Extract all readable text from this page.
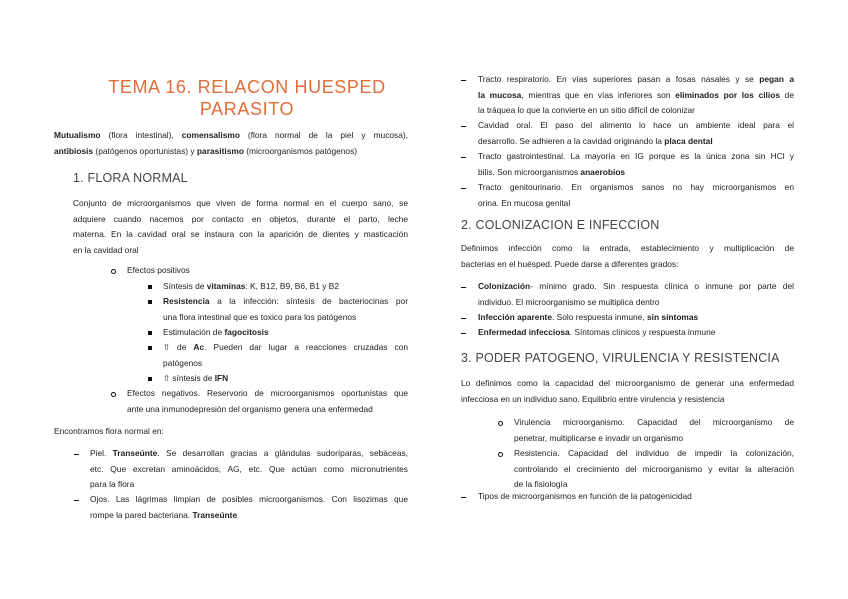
TEMA 16. RELACON HUESPED
PARASITO
Mutualismo (flora intestinal), comensalismo (flora normal de la piel y mucosa),
antibiosis (patógenos oportunistas) y parasitismo (microorganismos patógenos)
1. FLORA NORMAL
Conjunto de microorganismos que viven de forma normal en el cuerpo sano, se
adquiere cuando nacemos por contacto en objetos, durante el parto, leche
materna. En la cavidad oral se instaura con la aparición de dientes y masticación
en la cavidad oral
Efectos positivos
Síntesis de vitaminas: K, B12, B9, B6, B1 y B2
Resistencia a la infección: síntesis de bacteriocinas por
una flora intestinal que es toxico para los patógenos
Estimulación de fagocitosis
⇧ de Ac. Pueden dar lugar a reacciones cruzadas con
patógenos
⇧ síntesis de IFN
Efectos negativos. Reservorio de microorganismos oportunistas que
ante una inmunodepresión del organismo genera una enfermedad
Encontramos flora normal en:
Piel. Transeúnte. Se desarrollan gracias a glándulas sudoríparas, sebáceas,
etc. Que excretan aminoácidos, AG, etc. Que actúan como micronutrientes
para la flora
Ojos. Las lágrimas limpian de posibles microorganismos. Con lisozimas que
rompe la pared bacteriana. Transeúnte
Tracto respiratorio. En vías superiores pasan a fosas nasales y se pegan a
la mucosa, mientras que en vías inferiores son eliminados por los cilios de
la tráquea lo que la convierte en un sitio difícil de colonizar
Cavidad oral. El paso del alimento lo hace un ambiente ideal para el
desarrollo. Se adhieren a la cavidad originando la placa dental
Tracto gastrointestinal. La mayoría en IG porque es la única zona sin HCl y
bilis. Son microorganismos anaerobios
Tracto genitourinario. En organismos sanos no hay microorganismos en
orina. En mucosa genital
2. COLONIZACION E INFECCION
Definimos infección como la entrada, establecimiento y multiplicación de
bacterias en el huésped. Puede darse a diferentes grados:
Colonización- mínimo grado. Sin respuesta clínica o inmune por parte del
individuo. El microorganismo se multiplica dentro
Infección aparente. Solo respuesta inmune, sin síntomas
Enfermedad infecciosa. Síntomas clínicos y respuesta inmune
3. PODER PATOGENO, VIRULENCIA Y RESISTENCIA
Lo definimos como la capacidad del microorganismo de generar una enfermedad
infecciosa en un individuo sano. Equilibrio entre virulencia y resistencia
Virulencia microorganismo. Capacidad del microorganismo de
penetrar, multiplicarse e invadir un organismo
Resistencia. Capacidad del individuo de impedir la colonización,
controlando el crecimiento del microorganismo y evitar la alteración
de la fisiología
Tipos de microorganismos en función de la patogenicidad
